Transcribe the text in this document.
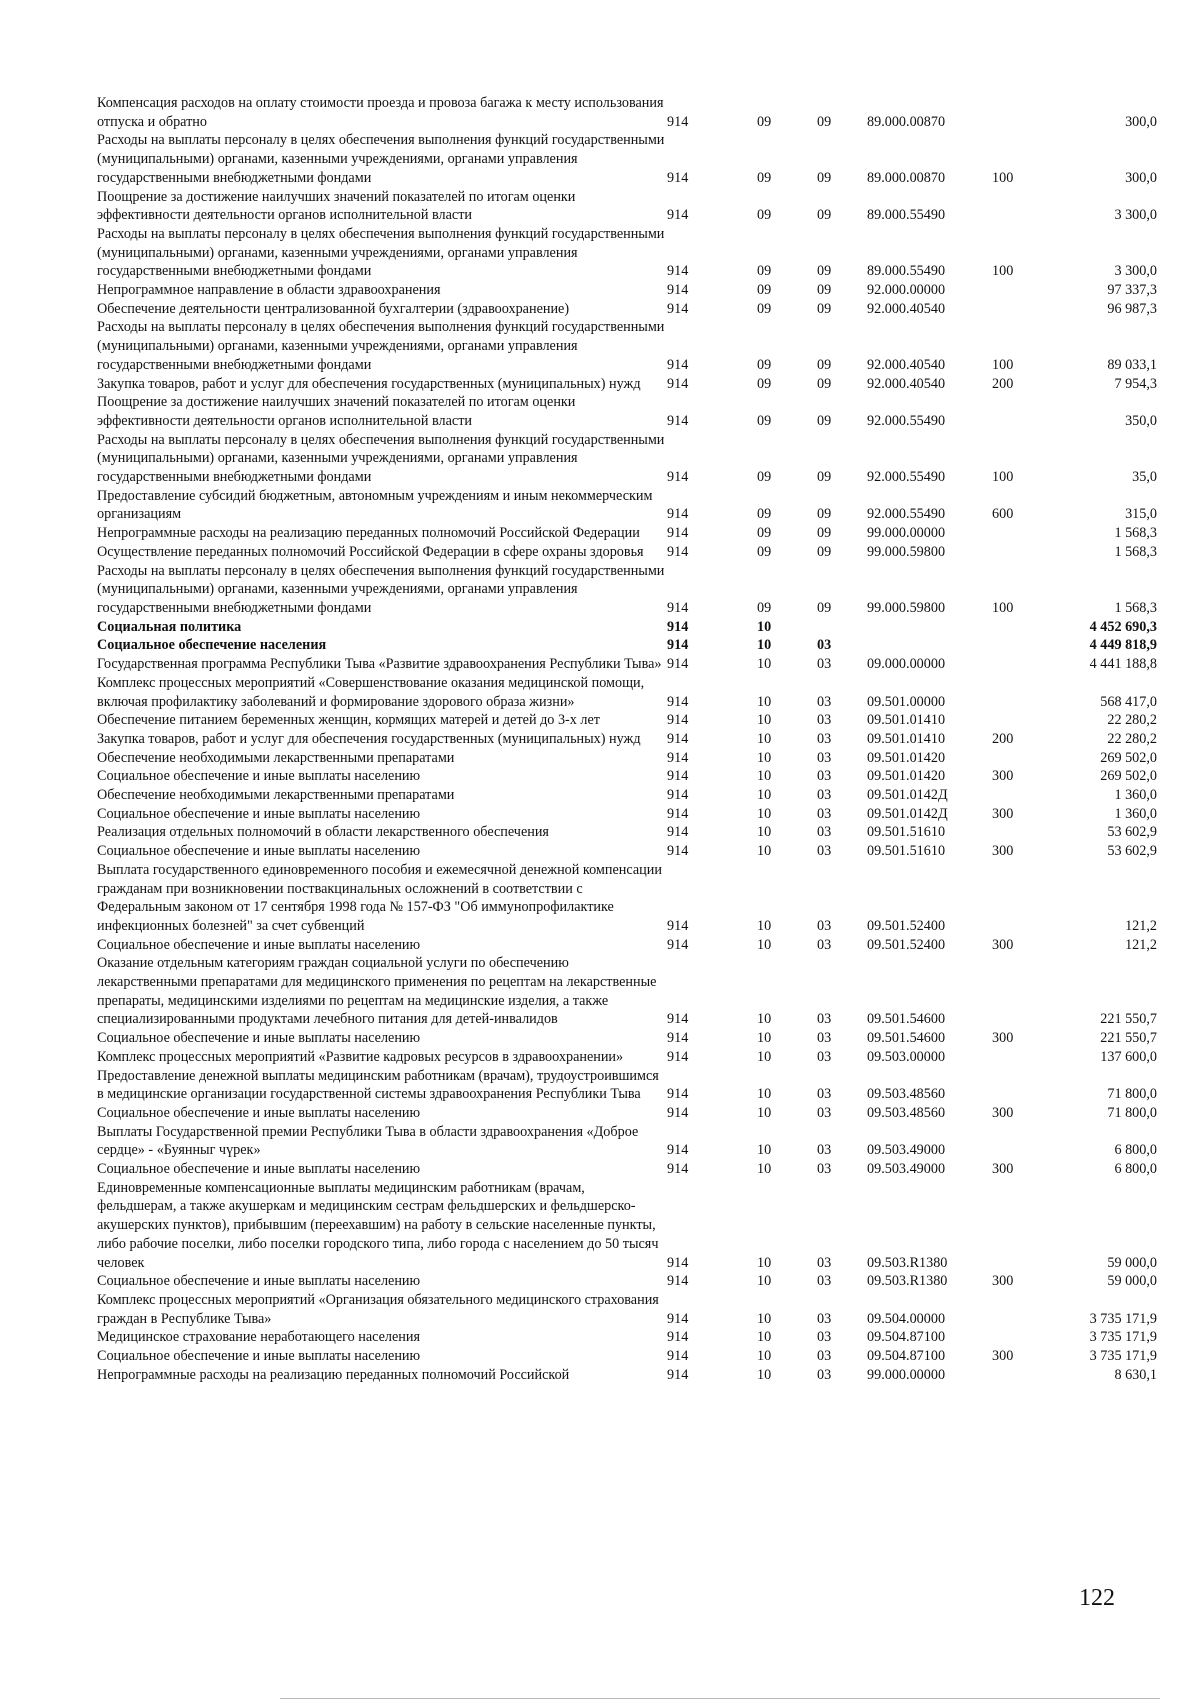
Компенсация расходов на оплату стоимости проезда и провоза багажа к месту использования отпуска и обратно	914	09	09	89.000.00870		300,0
Расходы на выплаты персоналу в целях обеспечения выполнения функций государственными (муниципальными) органами, казенными учреждениями, органами управления государственными внебюджетными фондами	914	09	09	89.000.00870	100	300,0
Поощрение за достижение наилучших значений показателей по итогам оценки эффективности деятельности органов исполнительной власти	914	09	09	89.000.55490		3 300,0
Расходы на выплаты персоналу в целях обеспечения выполнения функций государственными (муниципальными) органами, казенными учреждениями, органами управления государственными внебюджетными фондами	914	09	09	89.000.55490	100	3 300,0
Непрограммное направление в области здравоохранения	914	09	09	92.000.00000		97 337,3
Обеспечение деятельности централизованной бухгалтерии (здравоохранение)	914	09	09	92.000.40540		96 987,3
Расходы на выплаты персоналу в целях обеспечения выполнения функций государственными (муниципальными) органами, казенными учреждениями, органами управления государственными внебюджетными фондами	914	09	09	92.000.40540	100	89 033,1
Закупка товаров, работ и услуг для обеспечения государственных (муниципальных) нужд	914	09	09	92.000.40540	200	7 954,3
Поощрение за достижение наилучших значений показателей по итогам оценки эффективности деятельности органов исполнительной власти	914	09	09	92.000.55490		350,0
Расходы на выплаты персоналу в целях обеспечения выполнения функций государственными (муниципальными) органами, казенными учреждениями, органами управления государственными внебюджетными фондами	914	09	09	92.000.55490	100	35,0
Предоставление субсидий бюджетным, автономным учреждениям и иным некоммерческим организациям	914	09	09	92.000.55490	600	315,0
Непрограммные расходы на реализацию переданных полномочий Российской Федерации	914	09	09	99.000.00000		1 568,3
Осуществление переданных полномочий Российской Федерации в сфере охраны здоровья	914	09	09	99.000.59800		1 568,3
Расходы на выплаты персоналу в целях обеспечения выполнения функций государственными (муниципальными) органами, казенными учреждениями, органами управления государственными внебюджетными фондами	914	09	09	99.000.59800	100	1 568,3
Социальная политика	914	10				4 452 690,3
Социальное обеспечение населения	914	10	03			4 449 818,9
Государственная программа Республики Тыва «Развитие здравоохранения Республики Тыва»	914	10	03	09.000.00000		4 441 188,8
Комплекс процессных мероприятий «Совершенствование оказания медицинской помощи, включая профилактику заболеваний и формирование здорового образа жизни»	914	10	03	09.501.00000		568 417,0
Обеспечение питанием беременных женщин, кормящих матерей и детей до 3-х лет	914	10	03	09.501.01410		22 280,2
Закупка товаров, работ и услуг для обеспечения государственных (муниципальных) нужд	914	10	03	09.501.01410	200	22 280,2
Обеспечение необходимыми лекарственными препаратами	914	10	03	09.501.01420		269 502,0
Социальное обеспечение и иные выплаты населению	914	10	03	09.501.01420	300	269 502,0
Обеспечение необходимыми лекарственными препаратами	914	10	03	09.501.0142Д		1 360,0
Социальное обеспечение и иные выплаты населению	914	10	03	09.501.0142Д	300	1 360,0
Реализация отдельных полномочий в области лекарственного обеспечения	914	10	03	09.501.51610		53 602,9
Социальное обеспечение и иные выплаты населению	914	10	03	09.501.51610	300	53 602,9
Выплата государственного единовременного пособия и ежемесячной денежной компенсации гражданам при возникновении поствакцинальных осложнений в соответствии с Федеральным законом от 17 сентября 1998 года № 157-ФЗ "Об иммунопрофилактике инфекционных болезней" за счет субвенций	914	10	03	09.501.52400		121,2
Социальное обеспечение и иные выплаты населению	914	10	03	09.501.52400	300	121,2
Оказание отдельным категориям граждан социальной услуги по обеспечению лекарственными препаратами для медицинского применения по рецептам на лекарственные препараты, медицинскими изделиями по рецептам на медицинские изделия, а также специализированными продуктами лечебного питания для детей-инвалидов	914	10	03	09.501.54600		221 550,7
Социальное обеспечение и иные выплаты населению	914	10	03	09.501.54600	300	221 550,7
Комплекс процессных мероприятий «Развитие кадровых ресурсов в здравоохранении»	914	10	03	09.503.00000		137 600,0
Предоставление денежной выплаты медицинским работникам (врачам), трудоустроившимся в медицинские организации государственной системы здравоохранения Республики Тыва	914	10	03	09.503.48560		71 800,0
Социальное обеспечение и иные выплаты населению	914	10	03	09.503.48560	300	71 800,0
Выплаты Государственной премии Республики Тыва в области здравоохранения «Доброе сердце» - «Буянныг чүрек»	914	10	03	09.503.49000		6 800,0
Социальное обеспечение и иные выплаты населению	914	10	03	09.503.49000	300	6 800,0
Единовременные компенсационные выплаты медицинским работникам (врачам, фельдшерам, а также акушеркам и медицинским сестрам фельдшерских и фельдшерско-акушерских пунктов), прибывшим (переехавшим) на работу в сельские населенные пункты, либо рабочие поселки, либо поселки городского типа, либо города с населением до 50 тысяч человек	914	10	03	09.503.R1380		59 000,0
Социальное обеспечение и иные выплаты населению	914	10	03	09.503.R1380	300	59 000,0
Комплекс процессных мероприятий «Организация обязательного медицинского страхования граждан в Республике Тыва»	914	10	03	09.504.00000		3 735 171,9
Медицинское страхование неработающего населения	914	10	03	09.504.87100		3 735 171,9
Социальное обеспечение и иные выплаты населению	914	10	03	09.504.87100	300	3 735 171,9
Непрограммные расходы на реализацию переданных полномочий Российской	914	10	03	99.000.00000		8 630,1
122
